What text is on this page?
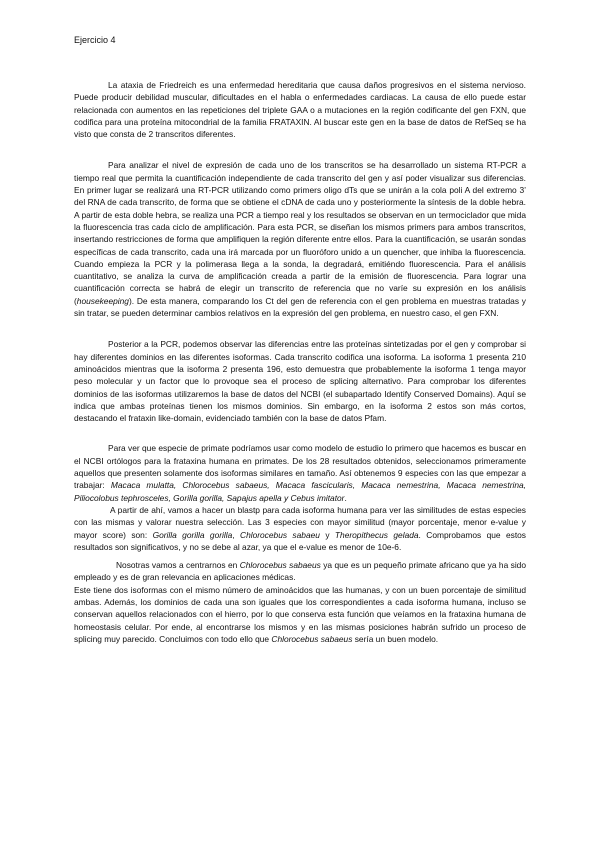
Ejercicio 4

La ataxia de Friedreich es una enfermedad hereditaria que causa daños progresivos en el sistema nervioso. Puede producir debilidad muscular, dificultades en el habla o enfermedades cardiacas. La causa de ello puede estar relacionada con aumentos en las repeticiones del triplete GAA o a mutaciones en la región codificante del gen FXN, que codifica para una proteína mitocondrial de la familia FRATAXIN. Al buscar este gen en la base de datos de RefSeq se ha visto que consta de 2 transcritos diferentes.

Para analizar el nivel de expresión de cada uno de los transcritos se ha desarrollado un sistema RT-PCR a tiempo real que permita la cuantificación independiente de cada transcrito del gen y así poder visualizar sus diferencias. En primer lugar se realizará una RT-PCR utilizando como primers oligo dTs que se unirán a la cola poli A del extremo 3’ del RNA de cada transcrito, de forma que se obtiene el cDNA de cada uno y posteriormente la síntesis de la doble hebra. A partir de esta doble hebra, se realiza una PCR a tiempo real y los resultados se observan en un termociclador que mida la fluorescencia tras cada ciclo de amplificación. Para esta PCR, se diseñan los mismos primers para ambos transcritos, insertando restricciones de forma que amplifiquen la región diferente entre ellos. Para la cuantificación, se usarán sondas específicas de cada transcrito, cada una irá marcada por un fluoróforo unido a un quencher, que inhiba la fluorescencia. Cuando empieza la PCR y la polimerasa llega a la sonda, la degradará, emitiéndo fluorescencia. Para el análisis cuantitativo, se analiza la curva de amplificación creada a partir de la emisión de fluorescencia. Para lograr una cuantificación correcta se habrá de elegir un transcrito de referencia que no varíe su expresión en los análisis (housekeeping). De esta manera, comparando los Ct del gen de referencia con el gen problema en muestras tratadas y sin tratar, se pueden determinar cambios relativos en la expresión del gen problema, en nuestro caso, el gen FXN.

Posterior a la PCR, podemos observar las diferencias entre las proteínas sintetizadas por el gen y comprobar si hay diferentes dominios en las diferentes isoformas. Cada transcrito codifica una isoforma. La isoforma 1 presenta 210 aminoácidos mientras que la isoforma 2 presenta 196, esto demuestra que probablemente la isoforma 1 tenga mayor peso molecular y un factor que lo provoque sea el proceso de splicing alternativo. Para comprobar los diferentes dominios de las isoformas utilizaremos la base de datos del NCBI (el subapartado Identify Conserved Domains). Aquí se indica que ambas proteínas tienen los mismos dominios. Sin embargo, en la isoforma 2 estos son más cortos, destacando el frataxin like-domain, evidenciado también con la base de datos Pfam.

Para ver que especie de primate podríamos usar como modelo de estudio lo primero que hacemos es buscar en el NCBI ortólogos para la frataxina humana en primates. De los 28 resultados obtenidos, seleccionamos primeramente aquellos que presenten solamente dos isoformas similares en tamaño. Así obtenemos 9 especies con las que empezar a trabajar: Macaca mulatta, Chlorocebus sabaeus, Macaca fascicularis, Macaca nemestrina, Macaca nemestrina, Piliocolobus tephrosceles, Gorilla gorilla, Sapajus apella y Cebus imitator.

A partir de ahí, vamos a hacer un blastp para cada isoforma humana para ver las similitudes de estas especies con las mismas y valorar nuestra selección. Las 3 especies con mayor similitud (mayor porcentaje, menor e-value y mayor score) son: Gorilla gorilla gorilla, Chlorocebus sabaeu y Theropithecus gelada. Comprobamos que estos resultados son significativos, y no se debe al azar, ya que el e-value es menor de 10e-6.

Nosotras vamos a centrarnos en Chlorocebus sabaeus ya que es un pequeño primate africano que ya ha sido empleado y es de gran relevancia en aplicaciones médicas.

Este tiene dos isoformas con el mismo número de aminoácidos que las humanas, y con un buen porcentaje de similitud ambas. Además, los dominios de cada una son iguales que los correspondientes a cada isoforma humana, incluso se conservan aquellos relacionados con el hierro, por lo que conserva esta función que veíamos en la frataxina humana de homeostasis celular. Por ende, al encontrarse los mismos y en las mismas posiciones habrán sufrido un proceso de splicing muy parecido. Concluimos con todo ello que Chlorocebus sabaeus sería un buen modelo.
